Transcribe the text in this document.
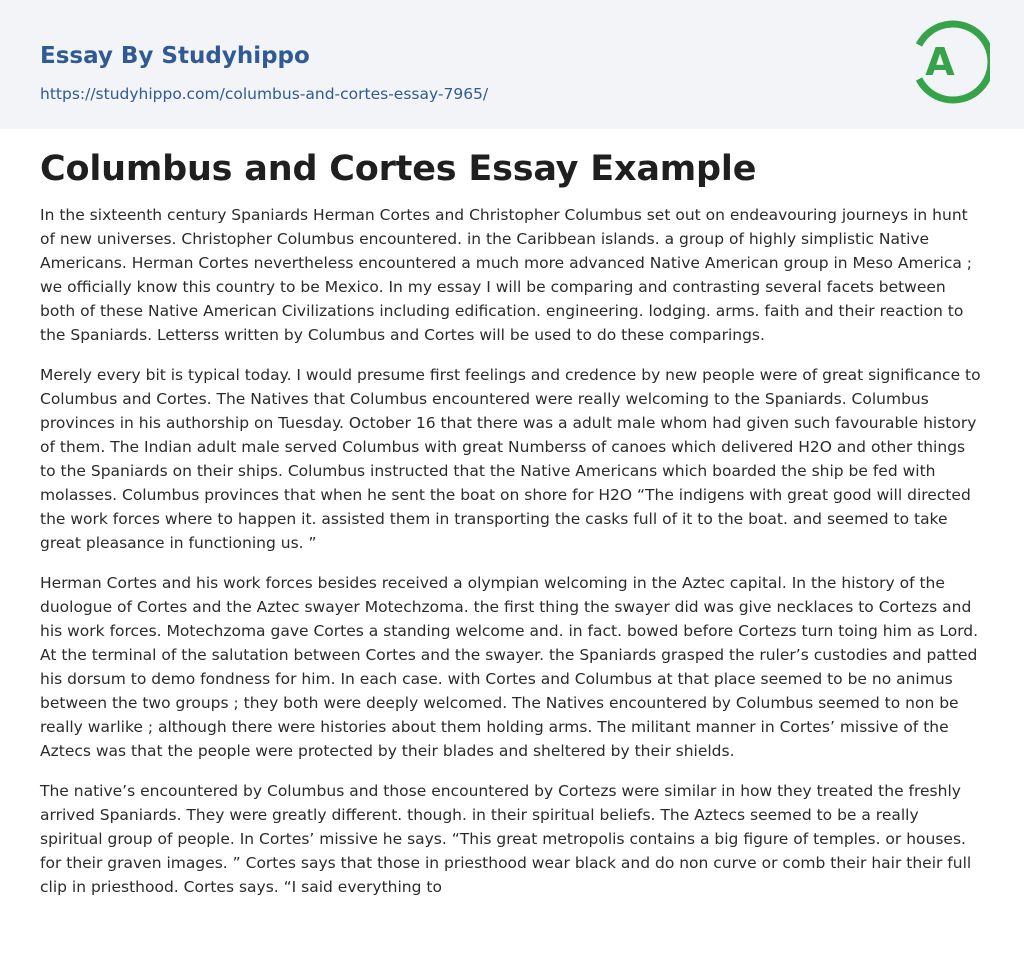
Essay By Studyhippo
https://studyhippo.com/columbus-and-cortes-essay-7965/
A
Columbus and Cortes Essay Example

In the sixteenth century Spaniards Herman Cortes and Christopher Columbus set out on endeavouring journeys in hunt of new universes. Christopher Columbus encountered. in the Caribbean islands. a group of highly simplistic Native Americans. Herman Cortes nevertheless encountered a much more advanced Native American group in Meso America ; we officially know this country to be Mexico. In my essay I will be comparing and contrasting several facets between both of these Native American Civilizations including edification. engineering. lodging. arms. faith and their reaction to the Spaniards. Letterss written by Columbus and Cortes will be used to do these comparings.

Merely every bit is typical today. I would presume first feelings and credence by new people were of great significance to Columbus and Cortes. The Natives that Columbus encountered were really welcoming to the Spaniards. Columbus provinces in his authorship on Tuesday. October 16 that there was a adult male whom had given such favourable history of them. The Indian adult male served Columbus with great Numberss of canoes which delivered H2O and other things to the Spaniards on their ships. Columbus instructed that the Native Americans which boarded the ship be fed with molasses. Columbus provinces that when he sent the boat on shore for H2O “The indigens with great good will directed the work forces where to happen it. assisted them in transporting the casks full of it to the boat. and seemed to take great pleasance in functioning us. ”

Herman Cortes and his work forces besides received a olympian welcoming in the Aztec capital. In the history of the duologue of Cortes and the Aztec swayer Motechzoma. the first thing the swayer did was give necklaces to Cortezs and his work forces. Motechzoma gave Cortes a standing welcome and. in fact. bowed before Cortezs turn toing him as Lord. At the terminal of the salutation between Cortes and the swayer. the Spaniards grasped the ruler’s custodies and patted his dorsum to demo fondness for him. In each case. with Cortes and Columbus at that place seemed to be no animus between the two groups ; they both were deeply welcomed. The Natives encountered by Columbus seemed to non be really warlike ; although there were histories about them holding arms. The militant manner in Cortes’ missive of the Aztecs was that the people were protected by their blades and sheltered by their shields.

The native’s encountered by Columbus and those encountered by Cortezs were similar in how they treated the freshly arrived Spaniards. They were greatly different. though. in their spiritual beliefs. The Aztecs seemed to be a really spiritual group of people. In Cortes’ missive he says. “This great metropolis contains a big figure of temples. or houses. for their graven images. ” Cortes says that those in priesthood wear black and do non curve or comb their hair their full clip in priesthood. Cortes says. “I said everything to
